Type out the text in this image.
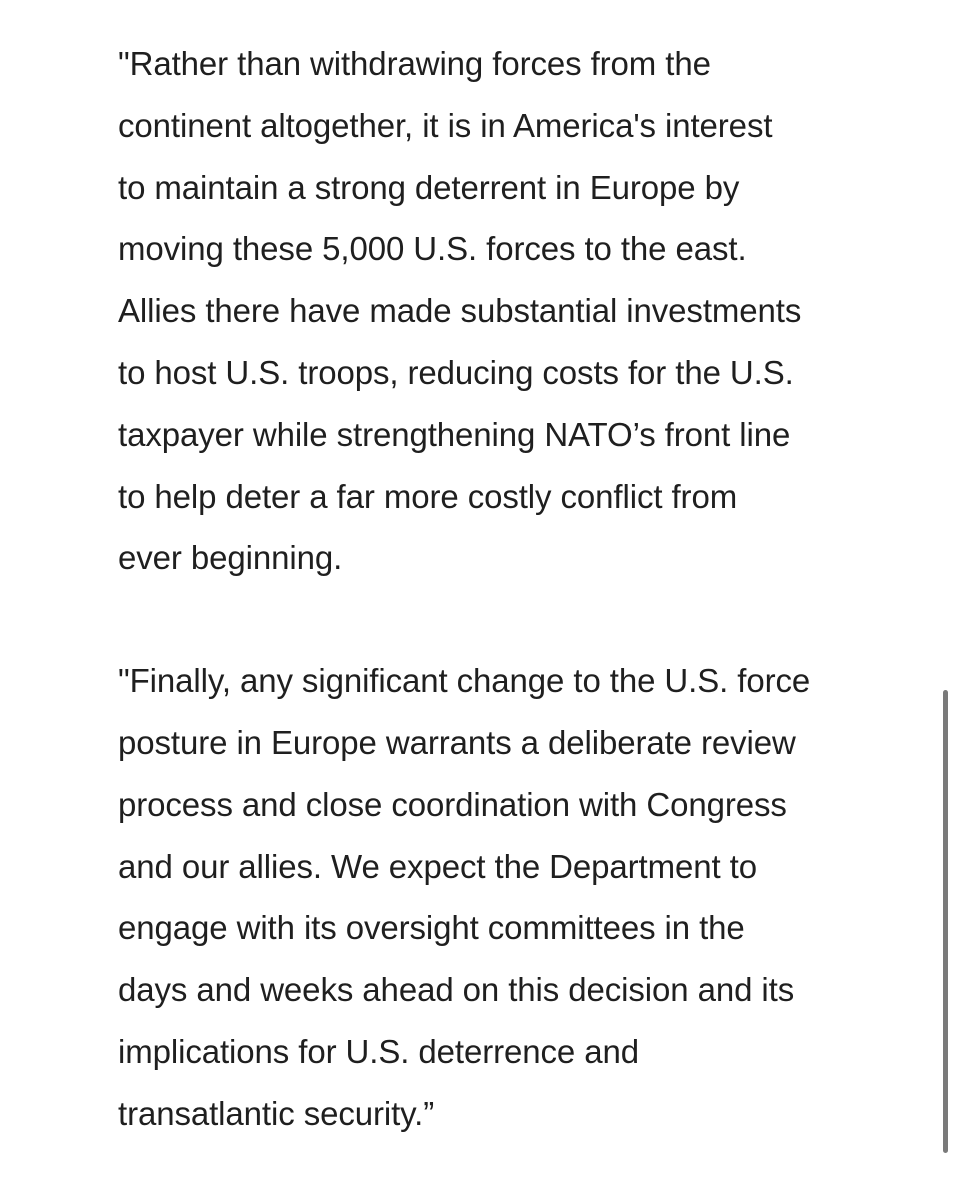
"Rather than withdrawing forces from the
continent altogether, it is in America's interest
to maintain a strong deterrent in Europe by
moving these 5,000 U.S. forces to the east.
Allies there have made substantial investments
to host U.S. troops, reducing costs for the U.S.
taxpayer while strengthening NATO’s front line
to help deter a far more costly conflict from
ever beginning.

"Finally, any significant change to the U.S. force
posture in Europe warrants a deliberate review
process and close coordination with Congress
and our allies. We expect the Department to
engage with its oversight committees in the
days and weeks ahead on this decision and its
implications for U.S. deterrence and
transatlantic security.”
